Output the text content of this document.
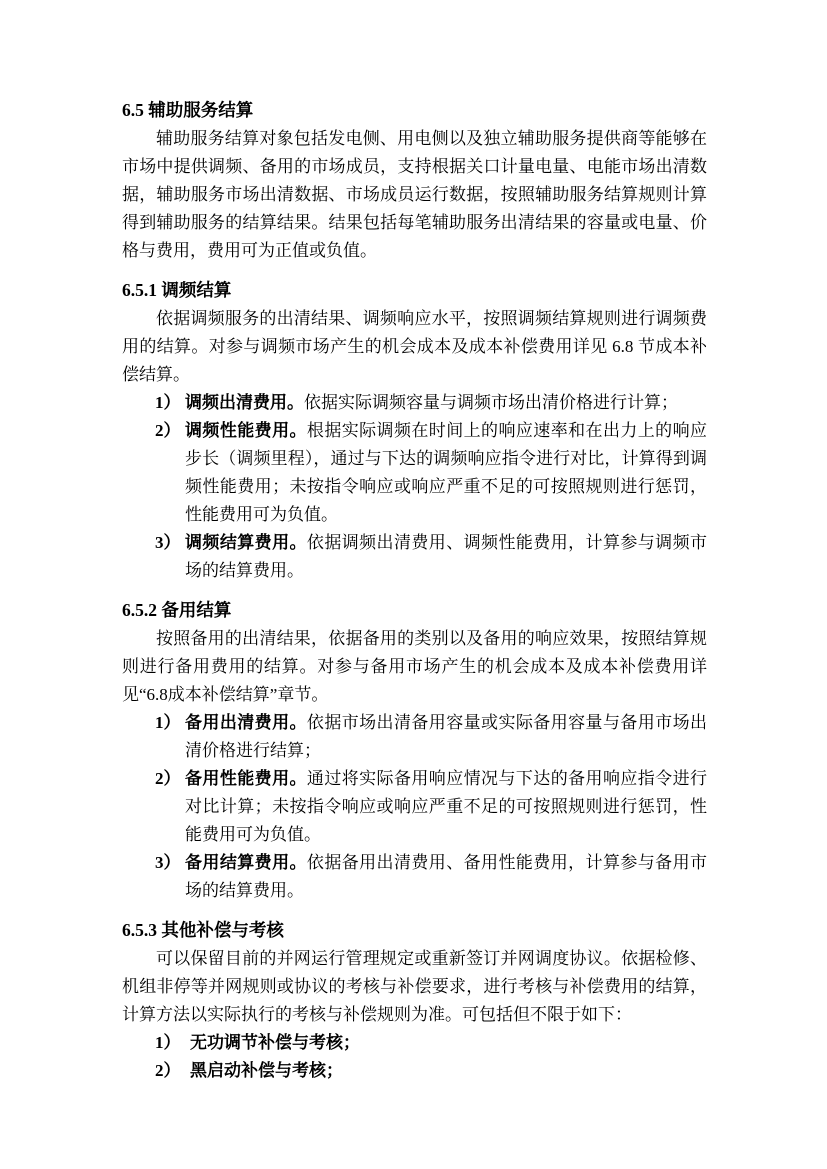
6.5 辅助服务结算

辅助服务结算对象包括发电侧、用电侧以及独立辅助服务提供商等能够在市场中提供调频、备用的市场成员，支持根据关口计量电量、电能市场出清数据，辅助服务市场出清数据、市场成员运行数据，按照辅助服务结算规则计算得到辅助服务的结算结果。结果包括每笔辅助服务出清结果的容量或电量、价格与费用，费用可为正值或负值。

6.5.1 调频结算

依据调频服务的出清结果、调频响应水平，按照调频结算规则进行调频费用的结算。对参与调频市场产生的机会成本及成本补偿费用详见 6.8 节成本补偿结算。

1） 调频出清费用。依据实际调频容量与调频市场出清价格进行计算；
2） 调频性能费用。根据实际调频在时间上的响应速率和在出力上的响应步长（调频里程），通过与下达的调频响应指令进行对比，计算得到调频性能费用；未按指令响应或响应严重不足的可按照规则进行惩罚，性能费用可为负值。
3） 调频结算费用。依据调频出清费用、调频性能费用，计算参与调频市场的结算费用。
6.5.2 备用结算

按照备用的出清结果，依据备用的类别以及备用的响应效果，按照结算规则进行备用费用的结算。对参与备用市场产生的机会成本及成本补偿费用详见“6.8成本补偿结算”章节。

1） 备用出清费用。依据市场出清备用容量或实际备用容量与备用市场出清价格进行结算；
2） 备用性能费用。通过将实际备用响应情况与下达的备用响应指令进行对比计算；未按指令响应或响应严重不足的可按照规则进行惩罚，性能费用可为负值。
3） 备用结算费用。依据备用出清费用、备用性能费用，计算参与备用市场的结算费用。
6.5.3 其他补偿与考核

可以保留目前的并网运行管理规定或重新签订并网调度协议。依据检修、机组非停等并网规则或协议的考核与补偿要求，进行考核与补偿费用的结算，计算方法以实际执行的考核与补偿规则为准。可包括但不限于如下：

1） 无功调节补偿与考核；
2） 黑启动补偿与考核；
